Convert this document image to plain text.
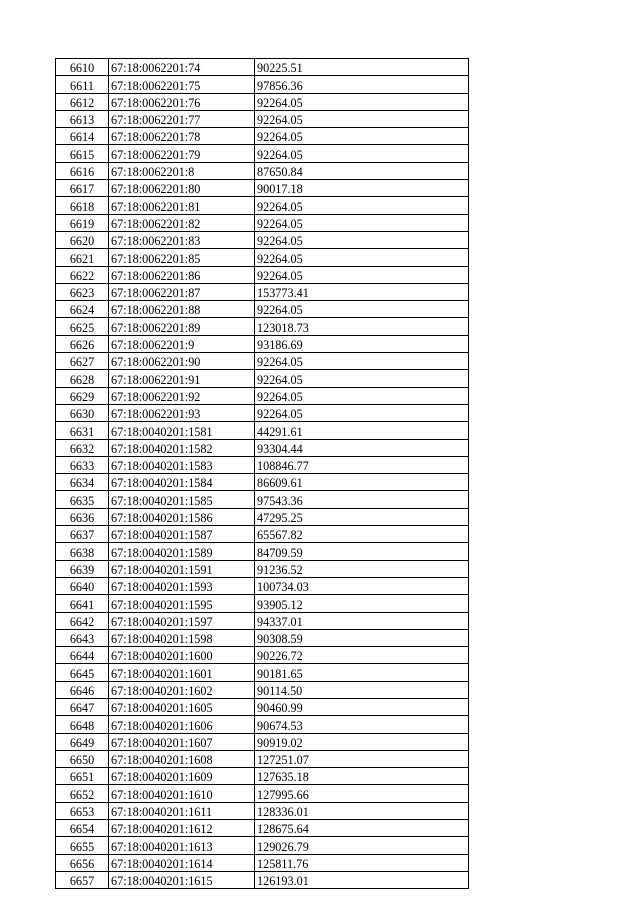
6610	67:18:0062201:74	90225.51
6611	67:18:0062201:75	97856.36
6612	67:18:0062201:76	92264.05
6613	67:18:0062201:77	92264.05
6614	67:18:0062201:78	92264.05
6615	67:18:0062201:79	92264.05
6616	67:18:0062201:8	87650.84
6617	67:18:0062201:80	90017.18
6618	67:18:0062201:81	92264.05
6619	67:18:0062201:82	92264.05
6620	67:18:0062201:83	92264.05
6621	67:18:0062201:85	92264.05
6622	67:18:0062201:86	92264.05
6623	67:18:0062201:87	153773.41
6624	67:18:0062201:88	92264.05
6625	67:18:0062201:89	123018.73
6626	67:18:0062201:9	93186.69
6627	67:18:0062201:90	92264.05
6628	67:18:0062201:91	92264.05
6629	67:18:0062201:92	92264.05
6630	67:18:0062201:93	92264.05
6631	67:18:0040201:1581	44291.61
6632	67:18:0040201:1582	93304.44
6633	67:18:0040201:1583	108846.77
6634	67:18:0040201:1584	86609.61
6635	67:18:0040201:1585	97543.36
6636	67:18:0040201:1586	47295.25
6637	67:18:0040201:1587	65567.82
6638	67:18:0040201:1589	84709.59
6639	67:18:0040201:1591	91236.52
6640	67:18:0040201:1593	100734.03
6641	67:18:0040201:1595	93905.12
6642	67:18:0040201:1597	94337.01
6643	67:18:0040201:1598	90308.59
6644	67:18:0040201:1600	90226.72
6645	67:18:0040201:1601	90181.65
6646	67:18:0040201:1602	90114.50
6647	67:18:0040201:1605	90460.99
6648	67:18:0040201:1606	90674.53
6649	67:18:0040201:1607	90919.02
6650	67:18:0040201:1608	127251.07
6651	67:18:0040201:1609	127635.18
6652	67:18:0040201:1610	127995.66
6653	67:18:0040201:1611	128336.01
6654	67:18:0040201:1612	128675.64
6655	67:18:0040201:1613	129026.79
6656	67:18:0040201:1614	125811.76
6657	67:18:0040201:1615	126193.01
